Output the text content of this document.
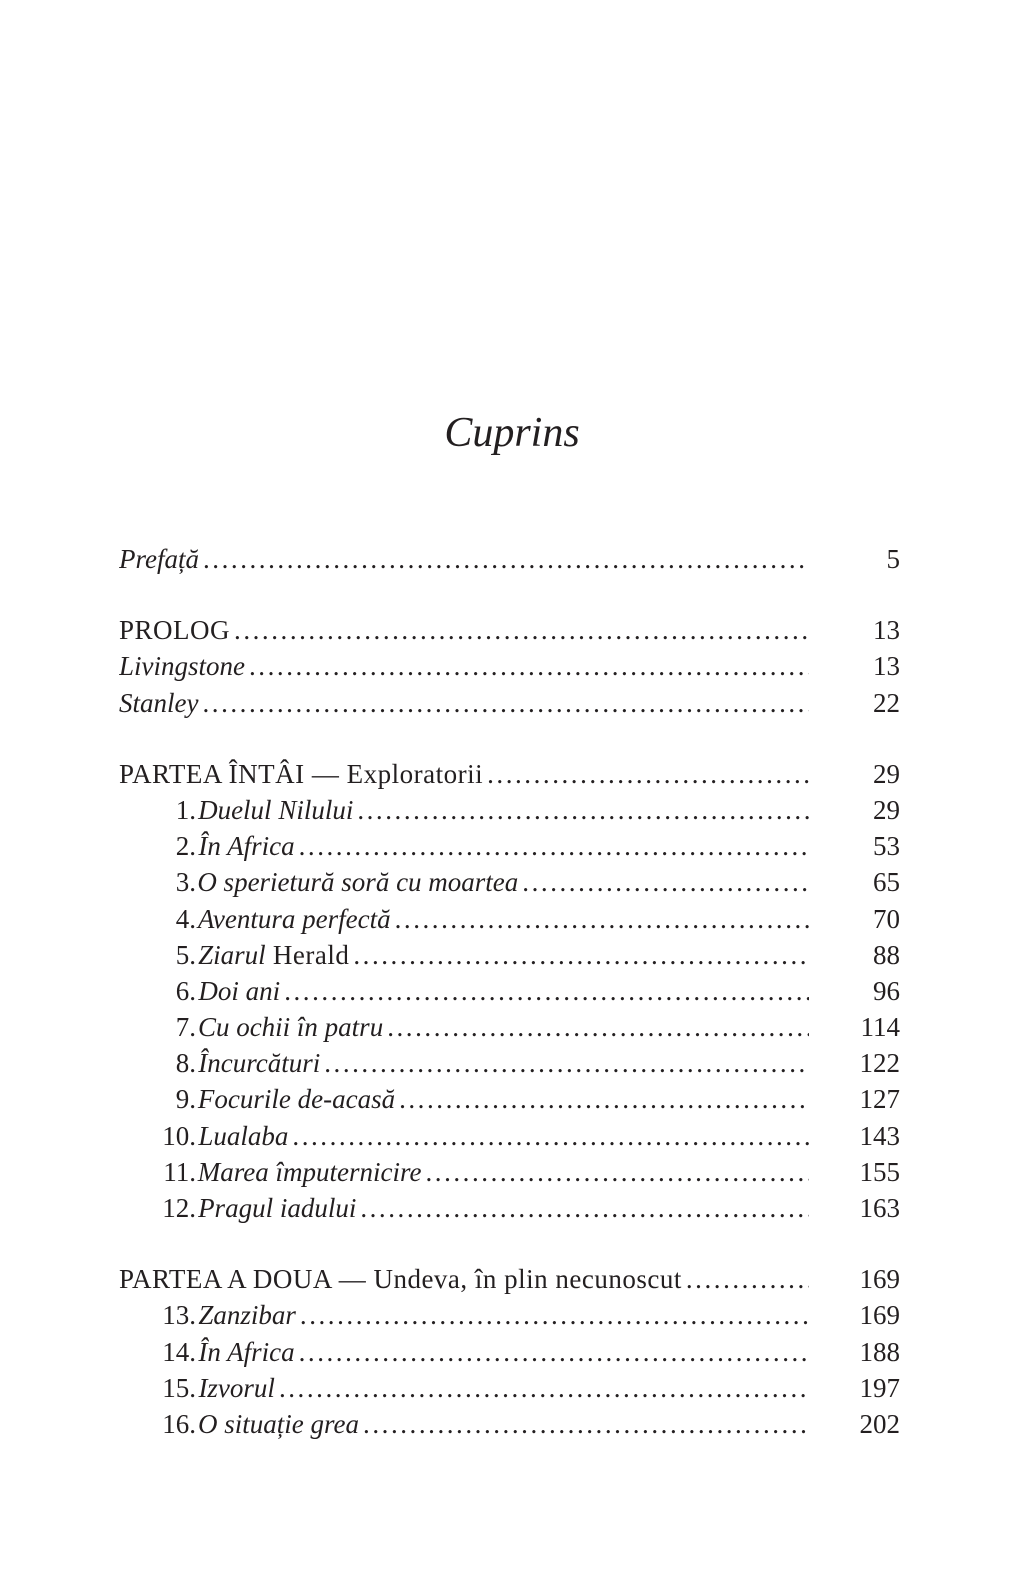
Cuprins
Prefață . . .	5
PROLOG . . .	13
Livingstone . . .	13
Stanley . . .	22
PARTEA ÎNTÂI — Exploratorii . . .	29
1. Duelul Nilului . . .	29
2. În Africa . . .	53
3. O sperietură soră cu moartea . . .	65
4. Aventura perfectă . . .	70
5. Ziarul Herald . . .	88
6. Doi ani . . .	96
7. Cu ochii în patru . . .	114
8. Încurcături . . .	122
9. Focurile de-acasă . . .	127
10. Lualaba . . .	143
11. Marea împuternicire . . .	155
12. Pragul iadului . . .	163
PARTEA A DOUA — Undeva, în plin necunoscut . . .	169
13. Zanzibar . . .	169
14. În Africa . . .	188
15. Izvorul . . .	197
16. O situație grea . . .	202
